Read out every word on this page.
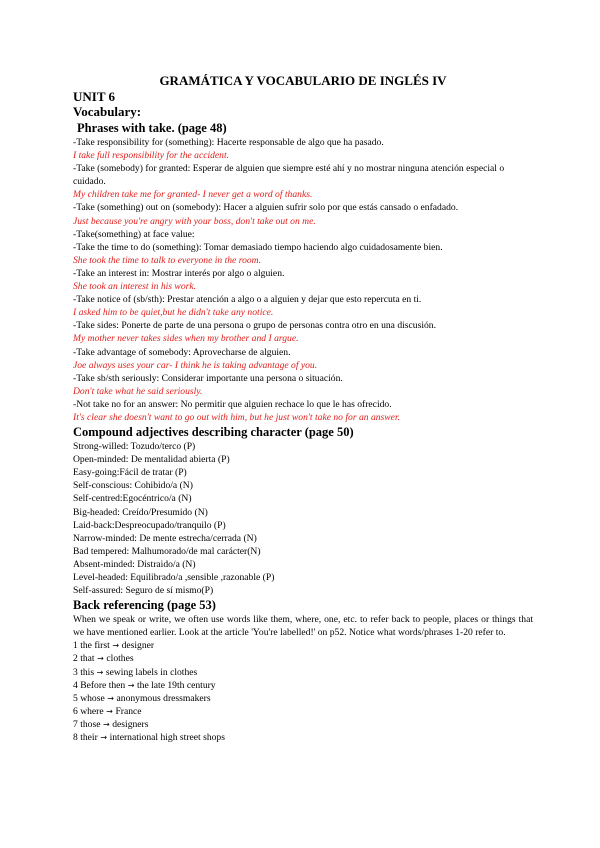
GRAMÁTICA Y VOCABULARIO DE INGLÉS IV
UNIT 6
Vocabulary:
Phrases with take. (page 48)
-Take responsibility for (something): Hacerte responsable de algo que ha pasado.
I take full responsibility for the accident.
-Take (somebody) for granted: Esperar de alguien que siempre esté ahí y no mostrar ninguna atención especial o cuidado.
My children take me for granted- I never get a word of thanks.
-Take (something) out on (somebody): Hacer a alguien sufrir solo por que estás cansado o enfadado.
Just because you're angry with your boss, don't take out on me.
-Take(something) at face value:
-Take the time to do (something): Tomar demasiado tiempo haciendo algo cuidadosamente bien.
She took the time to talk to everyone in the room.
-Take an interest in: Mostrar interés por algo o alguien.
She took an interest in his work.
-Take notice of (sb/sth): Prestar atención a algo o a alguien y dejar que esto repercuta en ti.
I asked him to be quiet,but he didn't take any notice.
-Take sides: Ponerte de parte de una persona o grupo de personas contra otro en una discusión.
My mother never takes sides when my brother and I argue.
-Take advantage of somebody: Aprovecharse de alguien.
Joe always uses your car- I think he is taking advantage of you.
-Take sb/sth seriously: Considerar importante una persona o situación.
Don't take what he said seriously.
-Not take no for an answer: No permitir que alguien rechace lo que le has ofrecido.
It's clear she doesn't want to go out with him, but he just won't take no for an answer.
Compound adjectives describing character (page 50)
Strong-willed: Tozudo/terco (P)
Open-minded: De mentalidad abierta (P)
Easy-going:Fácil de tratar (P)
Self-conscious: Cohibido/a (N)
Self-centred:Egocéntrico/a (N)
Big-headed: Creído/Presumido (N)
Laid-back:Despreocupado/tranquilo (P)
Narrow-minded: De mente estrecha/cerrada (N)
Bad tempered: Malhumorado/de mal carácter(N)
Absent-minded: Distraido/a (N)
Level-headed: Equilibrado/a ,sensible ,razonable (P)
Self-assured: Seguro de sí mismo(P)
Back referencing (page 53)
When we speak or write, we often use words like them, where, one, etc. to refer back to people, places or things that we have mentioned earlier. Look at the article 'You're labelled!' on p52. Notice what words/phrases 1-20 refer to.
1 the first → designer
2 that → clothes
3 this → sewing labels in clothes
4 Before then → the late 19th century
5 whose → anonymous dressmakers
6 where → France
7 those → designers
8 their → international high street shops
